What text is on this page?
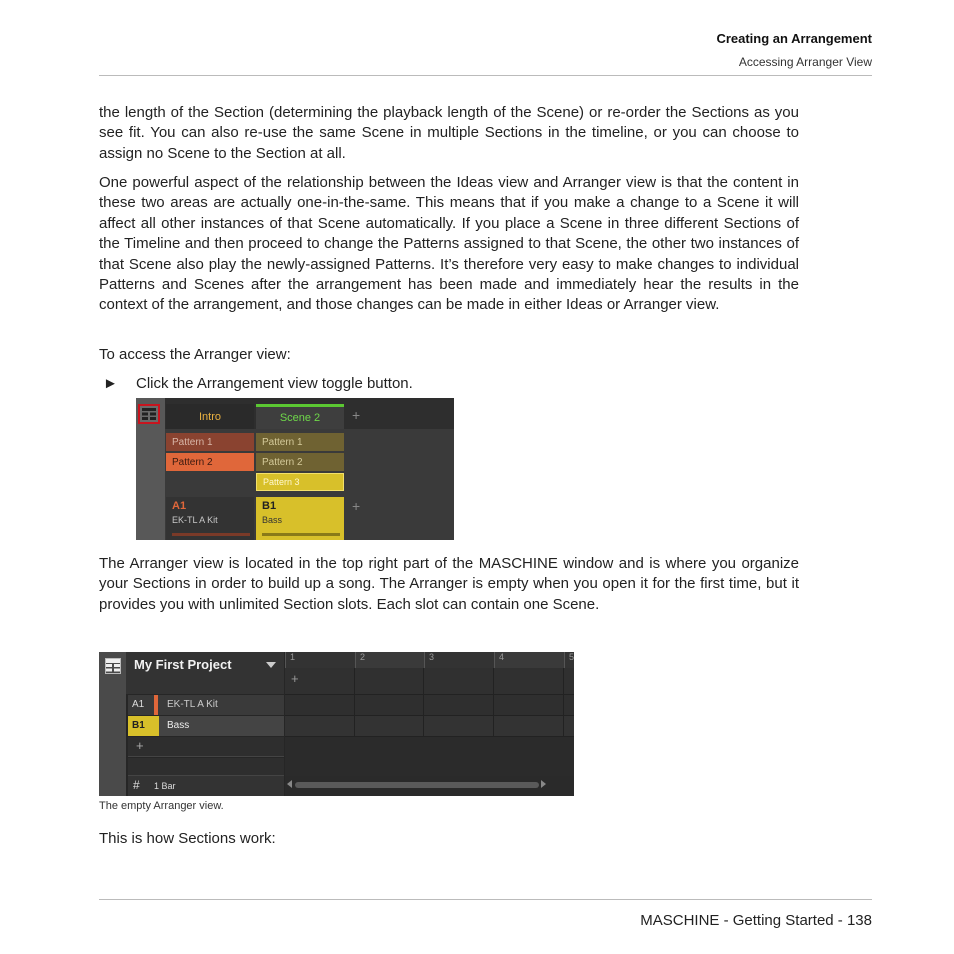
Creating an Arrangement
Accessing Arranger View

the length of the Section (determining the playback length of the Scene) or re-order the Sections as you see fit. You can also re-use the same Scene in multiple Sections in the timeline, or you can choose to assign no Scene to the Section at all.

One powerful aspect of the relationship between the Ideas view and Arranger view is that the content in these two areas are actually one-in-the-same. This means that if you make a change to a Scene it will affect all other instances of that Scene automatically. If you place a Scene in three different Sections of the Timeline and then proceed to change the Patterns assigned to that Scene, the other two instances of that Scene also play the newly-assigned Patterns. It’s therefore very easy to make changes to individual Patterns and Scenes after the arrangement has been made and immediately hear the results in the context of the arrangement, and those changes can be made in either Ideas or Arranger view.

To access the Arranger view:

► Click the Arrangement view toggle button.
Intro	Scene 2	+
Pattern 1
Pattern 2
Pattern 1
Pattern 2
Pattern 3
A1
EK-TL A Kit
B1
Bass
+

The Arranger view is located in the top right part of the MASCHINE window and is where you organize your Sections in order to build up a song. The Arranger is empty when you open it for the first time, but it provides you with unlimited Section slots. Each slot can contain one Scene.

My First Project
A1 EK-TL A Kit
B1 Bass
+
# 1 Bar
1	2	3	4	5
+
The empty Arranger view.

This is how Sections work:

MASCHINE - Getting Started - 138
